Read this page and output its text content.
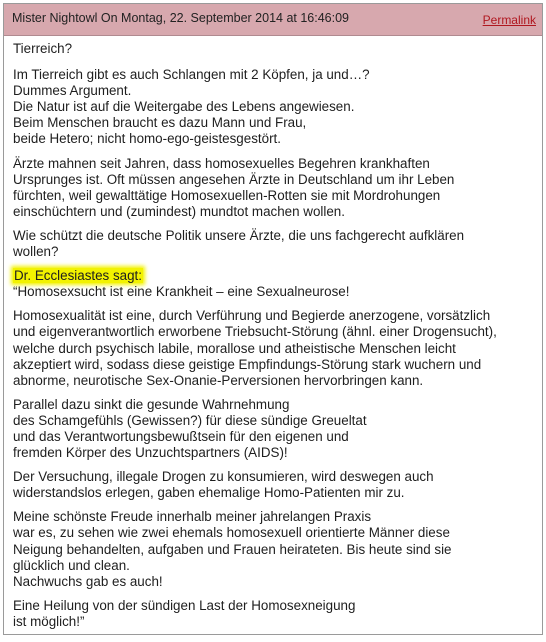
Mister Nightowl On Montag, 22. September 2014 at 16:46:09	Permalink

Tierreich?

Im Tierreich gibt es auch Schlangen mit 2 Köpfen, ja und…?
Dummes Argument.
Die Natur ist auf die Weitergabe des Lebens angewiesen.
Beim Menschen braucht es dazu Mann und Frau,
beide Hetero; nicht homo-ego-geistesgestört.

Ärzte mahnen seit Jahren, dass homosexuelles Begehren krankhaften
Ursprunges ist. Oft müssen angesehen Ärzte in Deutschland um ihr Leben
fürchten, weil gewalttätige Homosexuellen-Rotten sie mit Mordrohungen
einschüchtern und (zumindest) mundtot machen wollen.

Wie schützt die deutsche Politik unsere Ärzte, die uns fachgerecht aufklären
wollen?

Dr. Ecclesiastes sagt:
“Homosexsucht ist eine Krankheit – eine Sexualneurose!

Homosexualität ist eine, durch Verführung und Begierde anerzogene, vorsätzlich
und eigenverantwortlich erworbene Triebsucht-Störung (ähnl. einer Drogensucht),
welche durch psychisch labile, morallose und atheistische Menschen leicht
akzeptiert wird, sodass diese geistige Empfindungs-Störung stark wuchern und
abnorme, neurotische Sex-Onanie-Perversionen hervorbringen kann.

Parallel dazu sinkt die gesunde Wahrnehmung
des Schamgefühls (Gewissen?) für diese sündige Greueltat
und das Verantwortungsbewußtsein für den eigenen und
fremden Körper des Unzuchtspartners (AIDS)!

Der Versuchung, illegale Drogen zu konsumieren, wird deswegen auch
widerstandslos erlegen, gaben ehemalige Homo-Patienten mir zu.

Meine schönste Freude innerhalb meiner jahrelangen Praxis
war es, zu sehen wie zwei ehemals homosexuell orientierte Männer diese
Neigung behandelten, aufgaben und Frauen heirateten. Bis heute sind sie
glücklich und clean.
Nachwuchs gab es auch!

Eine Heilung von der sündigen Last der Homosexneigung
ist möglich!”
